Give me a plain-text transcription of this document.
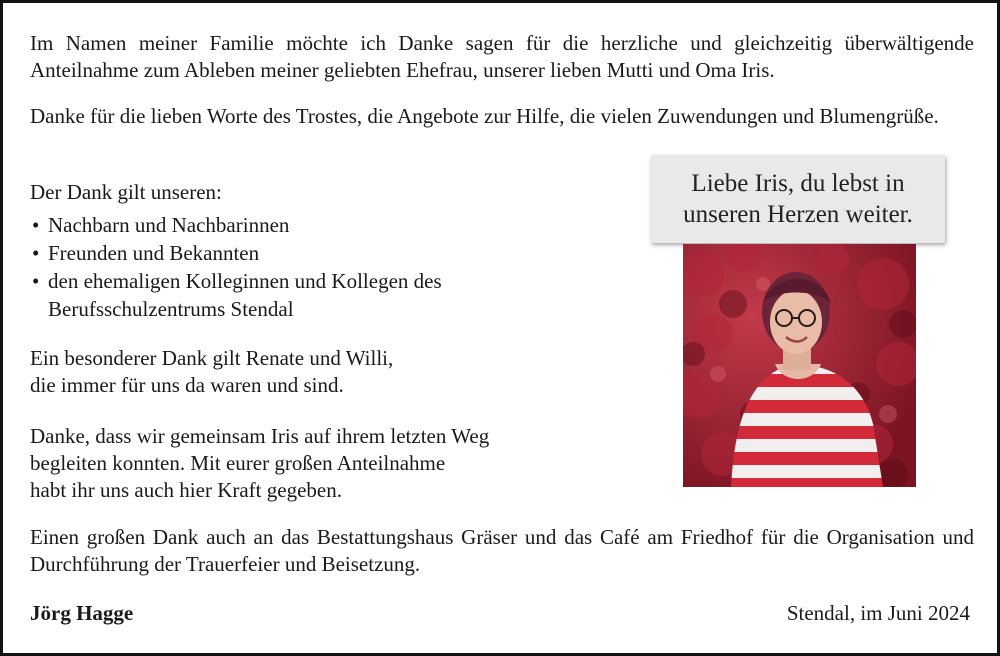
Im Namen meiner Familie möchte ich Danke sagen für die herzliche und gleichzeitig überwältigende Anteilnahme zum Ableben meiner geliebten Ehefrau, unserer lieben Mutti und Oma Iris.

Danke für die lieben Worte des Trostes, die Angebote zur Hilfe, die vielen Zuwendungen und Blumengrüße.

Der Dank gilt unseren:

• Nachbarn und Nachbarinnen
• Freunden und Bekannten
• den ehemaligen Kolleginnen und Kollegen des Berufsschulzentrums Stendal
Ein besonderer Dank gilt Renate und Willi,
die immer für uns da waren und sind.
Danke, dass wir gemeinsam Iris auf ihrem letzten Weg
begleiten konnten. Mit eurer großen Anteilnahme
habt ihr uns auch hier Kraft gegeben.

Einen großen Dank auch an das Bestattungshaus Gräser und das Café am Friedhof für die Organisation und Durchführung der Trauerfeier und Beisetzung.

Jörg Hagge	Stendal, im Juni 2024
Liebe Iris, du lebst in
unseren Herzen weiter.
